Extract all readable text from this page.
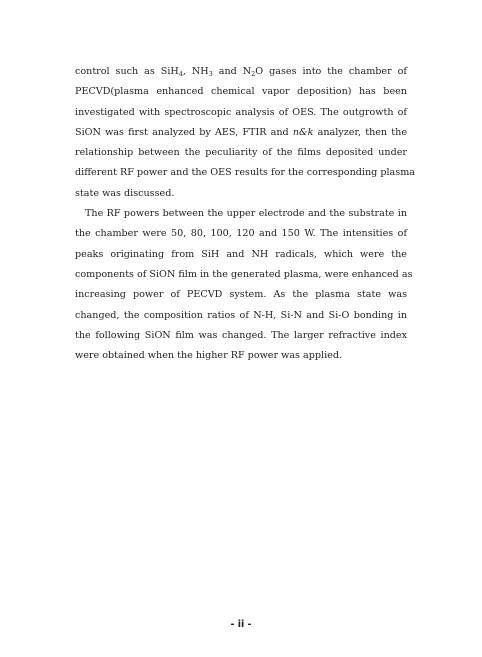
control such as SiH$_4$, $NH_3$ and $N_2O$ gases into the chamber of
PECVD(plasma enhanced chemical vapor deposition) has been
investigated with spectroscopic analysis of OES. The outgrowth of
SiON was first analyzed by AES, FTIR and n&k analyzer, then the
relationship between the peculiarity of the films deposited under
different RF power and the OES results for the corresponding plasma
state was discussed.

The RF powers between the upper electrode and the substrate in
the chamber were 50, 80, 100, 120 and 150 W. The intensities of
peaks originating from SiH and NH radicals, which were the
components of SiON film in the generated plasma, were enhanced as
increasing power of PECVD system. As the plasma state was
changed, the composition ratios of N-H, Si-N and Si-O bonding in
the following SiON film was changed. The larger refractive index
were obtained when the higher RF power was applied.

- ii -
